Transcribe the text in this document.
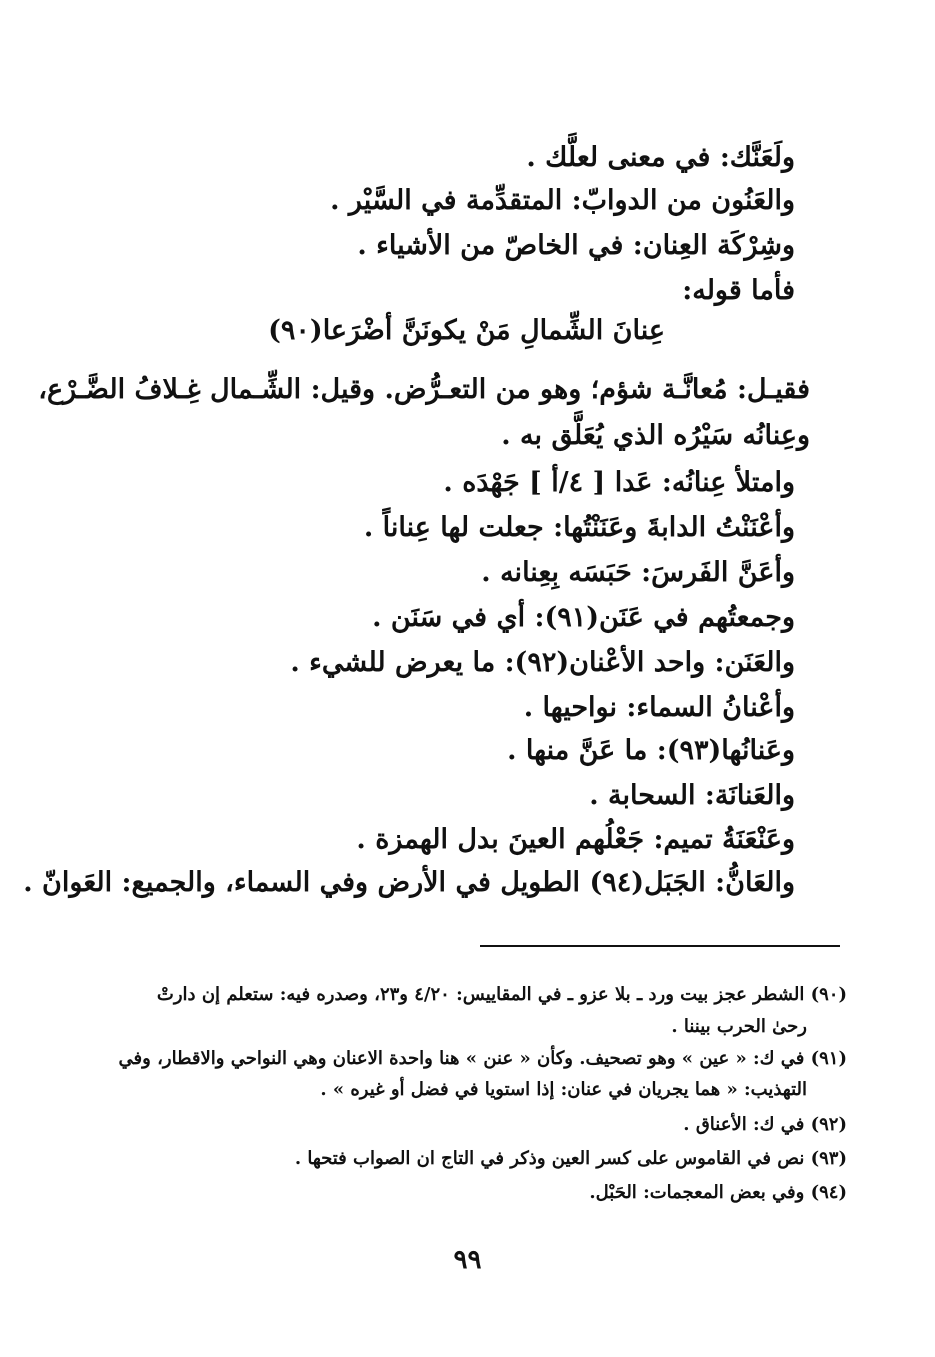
ولَعَنَّك: في معنى لعلَّك .
والعَنُون من الدوابّ: المتقدِّمة في السَّيْر .
وشِرْكَة العِنان: في الخاصّ من الأشياء .
فأما قوله:
عِنانَ الشِّمالِ مَنْ يكونَنَّ أضْرَعا(٩٠)
فقيـل: مُعانَّـة شؤم؛ وهو من التعـرُّض. وقيل: الشِّـمال غِـلافُ الضَّـرْع،
وعِنانُه سَيْرُه الذي يُعَلَّق به .
وامتلأ عِنانُه: عَدا [ ٤/أ ] جَهْدَه .
وأعْنَنْتُ الدابةَ وعَنَنْتُها: جعلت لها عِناناً .
وأعَنَّ الفَرسَ: حَبَسَه بِعِنانه .
وجمعتُهم في عَنَن(٩١): أي في سَنَن .
والعَنَن: واحد الأعْنان(٩٢): ما يعرض للشيء .
وأعْنانُ السماء: نواحيها .
وعَنانُها(٩٣): ما عَنَّ منها .
والعَنانَة: السحابة .
وعَنْعَنَةُ تميم: جَعْلُهم العينَ بدل الهمزة .
والعَانُّ: الجَبَل(٩٤) الطويل في الأرض وفي السماء، والجميع: العَوانّ .
(٩٠) الشطر عجز بيت ورد ـ بلا عزو ـ في المقاييس: ٤/٢٠ و٢٣، وصدره فيه: ستعلم إن دارتْ
رحىٰ الحرب بيننا .
(٩١) في ك: « عين » وهو تصحيف. وكأن « عنن » هنا واحدة الاعنان وهي النواحي والاقطار، وفي
التهذيب: « هما يجريان في عنان: إذا استويا في فضل أو غيره » .
(٩٢) في ك: الأعناق .
(٩٣) نص في القاموس على كسر العين وذكر في التاج ان الصواب فتحها .
(٩٤) وفي بعض المعجمات: الحَبْل.
٩٩
